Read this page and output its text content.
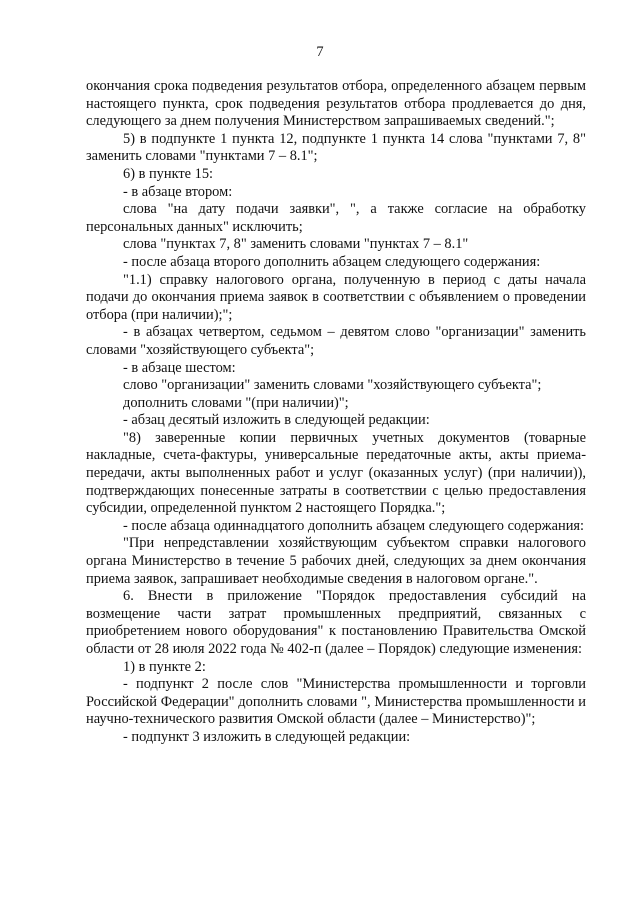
7

окончания срока подведения результатов отбора, определенного абзацем первым настоящего пункта, срок подведения результатов отбора продлевается до дня, следующего за днем получения Министерством запрашиваемых сведений.";

5) в подпункте 1 пункта 12, подпункте 1 пункта 14 слова "пунктами 7, 8" заменить словами "пунктами 7 – 8.1";

6) в пункте 15:

- в абзаце втором:

слова "на дату подачи заявки", ", а также согласие на обработку персональных данных" исключить;

слова "пунктах 7, 8" заменить словами "пунктах 7 – 8.1"

- после абзаца второго дополнить абзацем следующего содержания:

"1.1) справку налогового органа, полученную в период с даты начала подачи до окончания приема заявок в соответствии с объявлением о проведении отбора (при наличии);";

- в абзацах четвертом, седьмом – девятом слово "организации" заменить словами "хозяйствующего субъекта";

- в абзаце шестом:

слово "организации" заменить словами "хозяйствующего субъекта";

дополнить словами "(при наличии)";

- абзац десятый изложить в следующей редакции:

"8) заверенные копии первичных учетных документов (товарные накладные, счета-фактуры, универсальные передаточные акты, акты приема-передачи, акты выполненных работ и услуг (оказанных услуг) (при наличии)), подтверждающих понесенные затраты в соответствии с целью предоставления субсидии, определенной пунктом 2 настоящего Порядка.";

- после абзаца одиннадцатого дополнить абзацем следующего содержания:

"При непредставлении хозяйствующим субъектом справки налогового органа Министерство в течение 5 рабочих дней, следующих за днем окончания приема заявок, запрашивает необходимые сведения в налоговом органе.".

6. Внести в приложение "Порядок предоставления субсидий на возмещение части затрат промышленных предприятий, связанных с приобретением нового оборудования" к постановлению Правительства Омской области от 28 июля 2022 года № 402-п (далее – Порядок) следующие изменения:

1) в пункте 2:

- подпункт 2 после слов "Министерства промышленности и торговли Российской Федерации" дополнить словами ", Министерства промышленности и научно-технического развития Омской области (далее – Министерство)";

- подпункт 3 изложить в следующей редакции:
